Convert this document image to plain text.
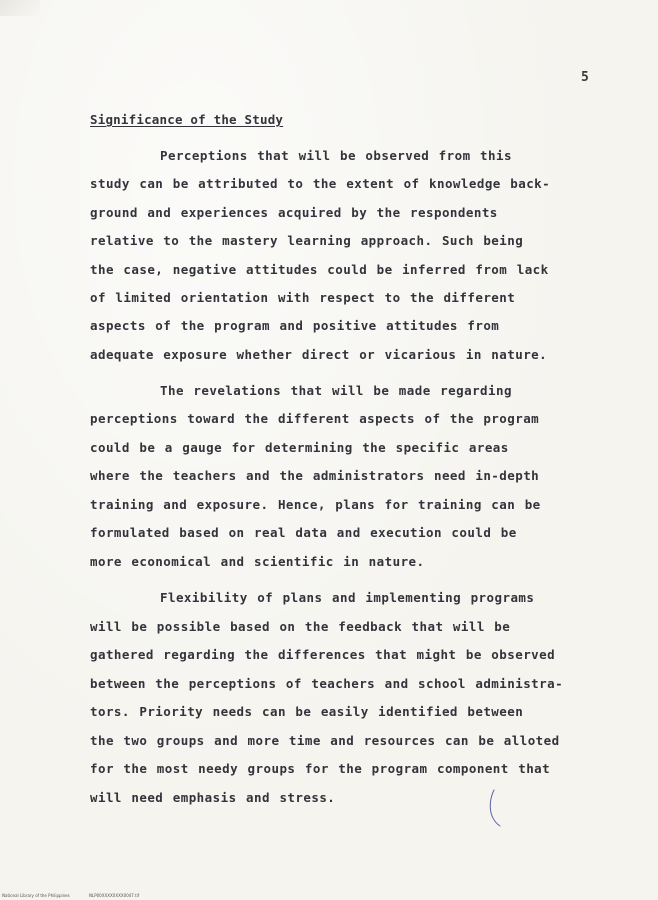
5
Significance of the Study
Perceptions that will be observed from this
study can be attributed to the extent of knowledge back-
ground and experiences acquired by the respondents
relative to the mastery learning approach. Such being
the case, negative attitudes could be inferred from lack
of limited orientation with respect to the different
aspects of the program and positive attitudes from
adequate exposure whether direct or vicarious in nature.
The revelations that will be made regarding
perceptions toward the different aspects of the program
could be a gauge for determining the specific areas
where the teachers and the administrators need in-depth
training and exposure. Hence, plans for training can be
formulated based on real data and execution could be
more economical and scientific in nature.
Flexibility of plans and implementing programs
will be possible based on the feedback that will be
gathered regarding the differences that might be observed
between the perceptions of teachers and school administra-
tors. Priority needs can be easily identified between
the two groups and more time and resources can be alloted
for the most needy groups for the program component that
will need emphasis and stress.
National Library of the Philippines	NLP00XXXXXXXX0047.tif
